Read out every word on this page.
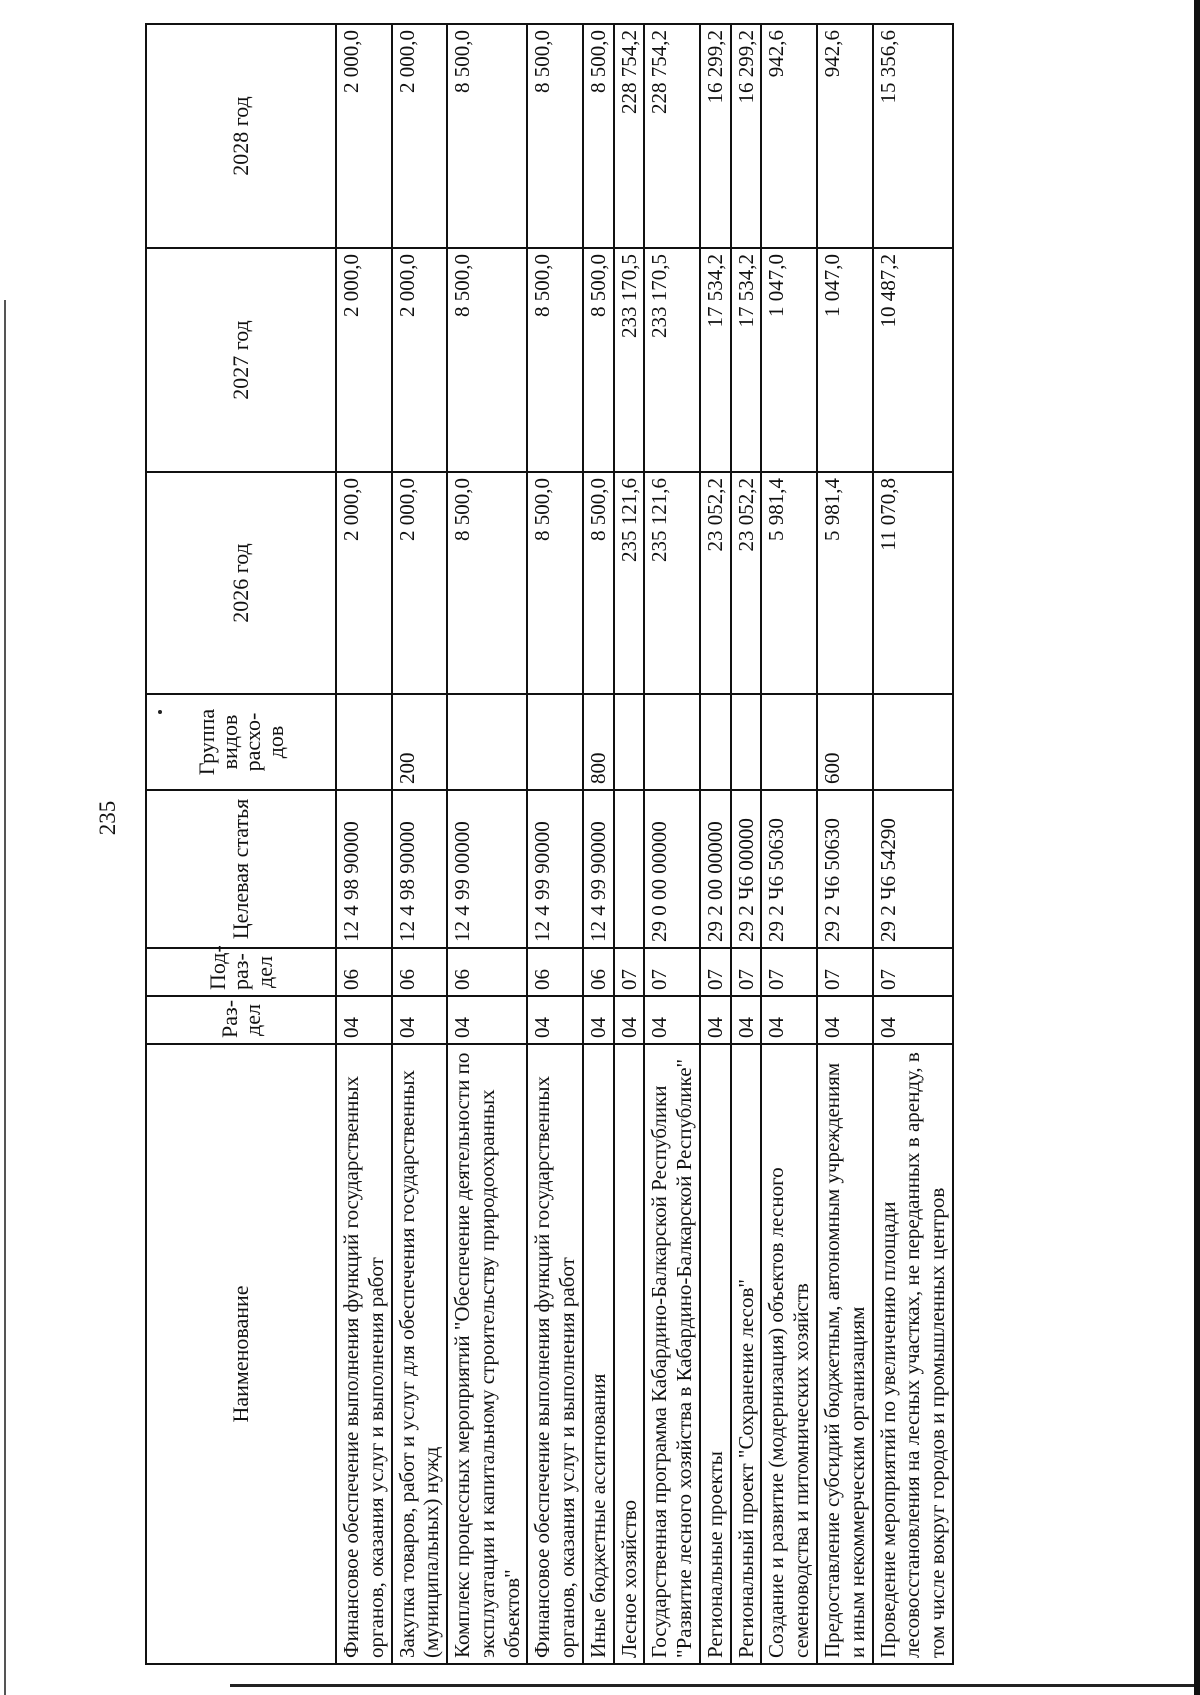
235
Наименование	Раз-дел	Под-раз-дел	Целевая статья	Группа видов расхо-дов	2026 год	2027 год	2028 год
Финансовое обеспечение выполнения функций государственных органов, оказания услуг и выполнения работ	04	06	12 4 98 90000		2 000,0	2 000,0	2 000,0
Закупка товаров, работ и услуг для обеспечения государственных (муниципальных) нужд	04	06	12 4 98 90000	200	2 000,0	2 000,0	2 000,0
Комплекс процессных мероприятий "Обеспечение деятельности по эксплуатации и капитальному строительству природоохранных объектов"	04	06	12 4 99 00000		8 500,0	8 500,0	8 500,0
Финансовое обеспечение выполнения функций государственных органов, оказания услуг и выполнения работ	04	06	12 4 99 90000		8 500,0	8 500,0	8 500,0
Иные бюджетные ассигнования	04	06	12 4 99 90000	800	8 500,0	8 500,0	8 500,0
Лесное хозяйство	04	07			235 121,6	233 170,5	228 754,2
Государственная программа Кабардино-Балкарской Республики "Развитие лесного хозяйства в Кабардино-Балкарской Республике"	04	07	29 0 00 00000		235 121,6	233 170,5	228 754,2
Региональные проекты	04	07	29 2 00 00000		23 052,2	17 534,2	16 299,2
Региональный проект "Сохранение лесов"	04	07	29 2 Ч6 00000		23 052,2	17 534,2	16 299,2
Создание и развитие (модернизация) объектов лесного семеноводства и питомнических хозяйств	04	07	29 2 Ч6 50630		5 981,4	1 047,0	942,6
Предоставление субсидий бюджетным, автономным учреждениям и иным некоммерческим организациям	04	07	29 2 Ч6 50630	600	5 981,4	1 047,0	942,6
Проведение мероприятий по увеличению площади лесовосстановления на лесных участках, не переданных в аренду, в том числе вокруг городов и промышленных центров	04	07	29 2 Ч6 54290		11 070,8	10 487,2	15 356,6
